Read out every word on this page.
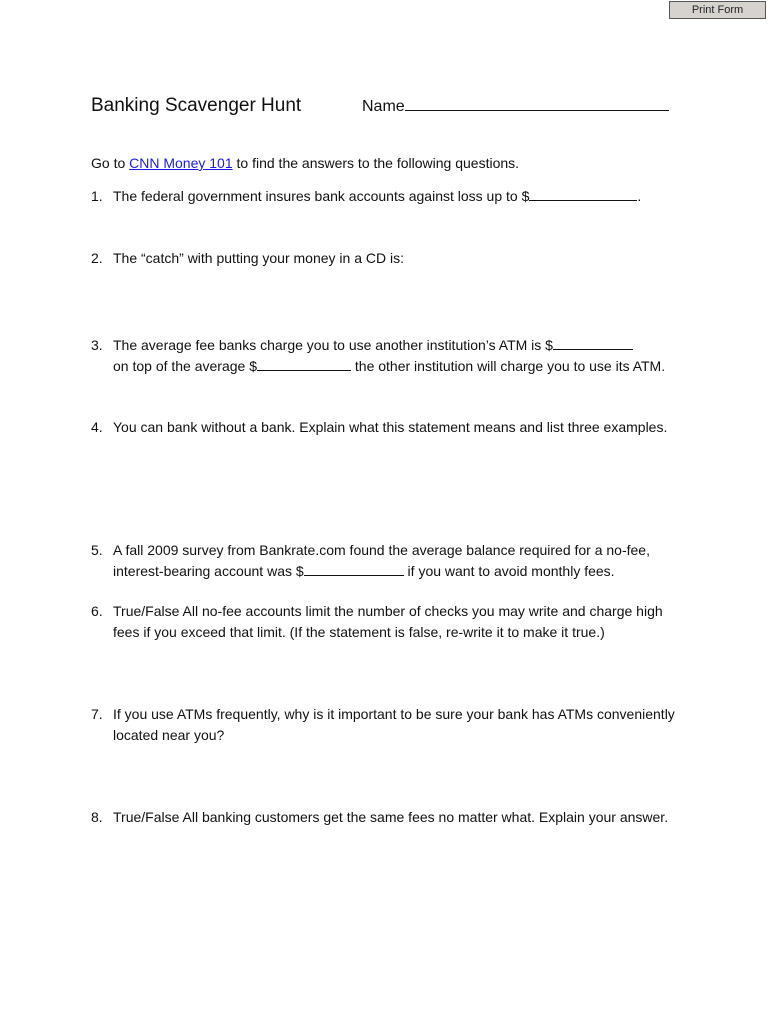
Print Form
Banking Scavenger Hunt	Name
Go to CNN Money 101 to find the answers to the following questions.
1. The federal government insures bank accounts against loss up to $	.
2. The “catch” with putting your money in a CD is:
3. The average fee banks charge you to use another institution’s ATM is $
on top of the average $	the other institution will charge you to use its ATM.
4. You can bank without a bank. Explain what this statement means and list three examples.
5. A fall 2009 survey from Bankrate.com found the average balance required for a no-fee, interest-bearing account was $	if you want to avoid monthly fees.
6. True/False All no-fee accounts limit the number of checks you may write and charge high fees if you exceed that limit. (If the statement is false, re-write it to make it true.)
7. If you use ATMs frequently, why is it important to be sure your bank has ATMs conveniently located near you?
8. True/False All banking customers get the same fees no matter what. Explain your answer.
